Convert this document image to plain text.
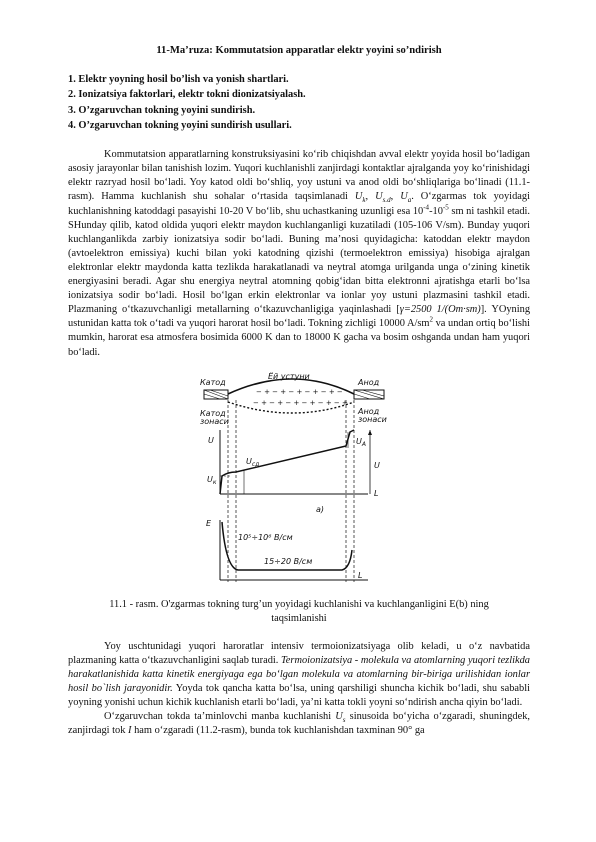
11-Ma’ruza: Kommutatsion apparatlar elektr yoyini so’ndirish
1. Elektr yoyning hosil bo’lish va yonish shartlari.
2. Ionizatsiya faktorlari, elektr tokni dionizatsiyalash.
3. O’zgaruvchan tokning yoyini sundirish.
4. O’zgaruvchan tokning yoyini sundirish usullari.

Kommutatsion apparatlarning konstruksiyasini ko‘rib chiqishdan avval elektr yoyida hosil bo‘ladigan asosiy jarayonlar bilan tanishish lozim. Yuqori kuchlanishli zanjirdagi kontaktlar ajralganda yoy ko‘rinishidagi elektr razryad hosil bo‘ladi. Yoy katod oldi bo‘shliq, yoy ustuni va anod oldi bo‘shliqlariga bo‘linadi (11.1-rasm). Hamma kuchlanish shu sohalar o‘rtasida taqsimlanadi $U_k$, $U_{s.d}$, $U_a$. O‘zgarmas tok yoyidagi kuchlanishning katoddagi pasayishi 10-20 V bo‘lib, shu uchastkaning uzunligi esa $10^{-4}-10^{-5}$ sm ni tashkil etadi. SHunday qilib, katod oldida yuqori elektr maydon kuchlanganligi kuzatiladi (105-106 V/sm). Bunday yuqori kuchlanganlikda zarbiy ionizatsiya sodir bo‘ladi. Buning ma’nosi quyidagicha: katoddan elektr maydon (avtoelektron emissiya) kuchi bilan yoki katodning qizishi (termoelektron emissiya) hisobiga ajralgan elektronlar elektr maydonda katta tezlikda harakatlanadi va neytral atomga urilganda unga o‘zining kinetik energiyasini beradi. Agar shu energiya neytral atomning qobig‘idan bitta elektronni ajratishga etarli bo‘lsa ionizatsiya sodir bo‘ladi. Hosil bo‘lgan erkin elektronlar va ionlar yoy ustuni plazmasini tashkil etadi. Plazmaning o‘tkazuvchanligi metallarning o‘tkazuvchanligiga yaqinlashadi [γ=2500 1/(Om·sm)]. YOyning ustunidan katta tok o‘tadi va yuqori harorat hosil bo‘ladi. Tokning zichligi 10000 $A/sm^2$ va undan ortiq bo‘lishi mumkin, harorat esa atmosfera bosimida 6000 K dan to 18000 K gacha va bosim oshganda undan ham yuqori bo‘ladi.

Катод	Анод
Ёй устуни
− + − + − + − + − + −
− + − + − + − + − + − +
Катод
зонаси
Анод
зонаси
U
$U_к$
$U_{сд}$
$U_А$
U
L
а)
E
10⁵÷10⁶ В/см
15÷20 В/см
L
11.1 - rasm. O'zgarmas tokning turg’un yoyidagi kuchlanishi va kuchlanganligini E(b) ning
taqsimlanishi

Yoy uschtunidagi yuqori haroratlar intensiv termoionizatsiyaga olib keladi, u o‘z navbatida plazmaning katta o‘tkazuvchanligini saqlab turadi. Termoionizatsiya - molekula va atomlarning yuqori tezlikda harakatlanishida katta kinetik energiyaga ega bo‘lgan molekula va atomlarning bir-biriga urilishidan ionlar hosil bo`lish jarayonidir. Yoyda tok qancha katta bo‘lsa, uning qarshiligi shuncha kichik bo‘ladi, shu sababli yoyning yonishi uchun kichik kuchlanish etarli bo‘ladi, ya’ni katta tokli yoyni so‘ndirish ancha qiyin bo‘ladi.

O‘zgaruvchan tokda ta’minlovchi manba kuchlanishi $U_s$ sinusoida bo‘yicha o‘zgaradi, shuningdek, zanjirdagi tok I ham o‘zgaradi (11.2-rasm), bunda tok kuchlanishdan taxminan 90° ga
